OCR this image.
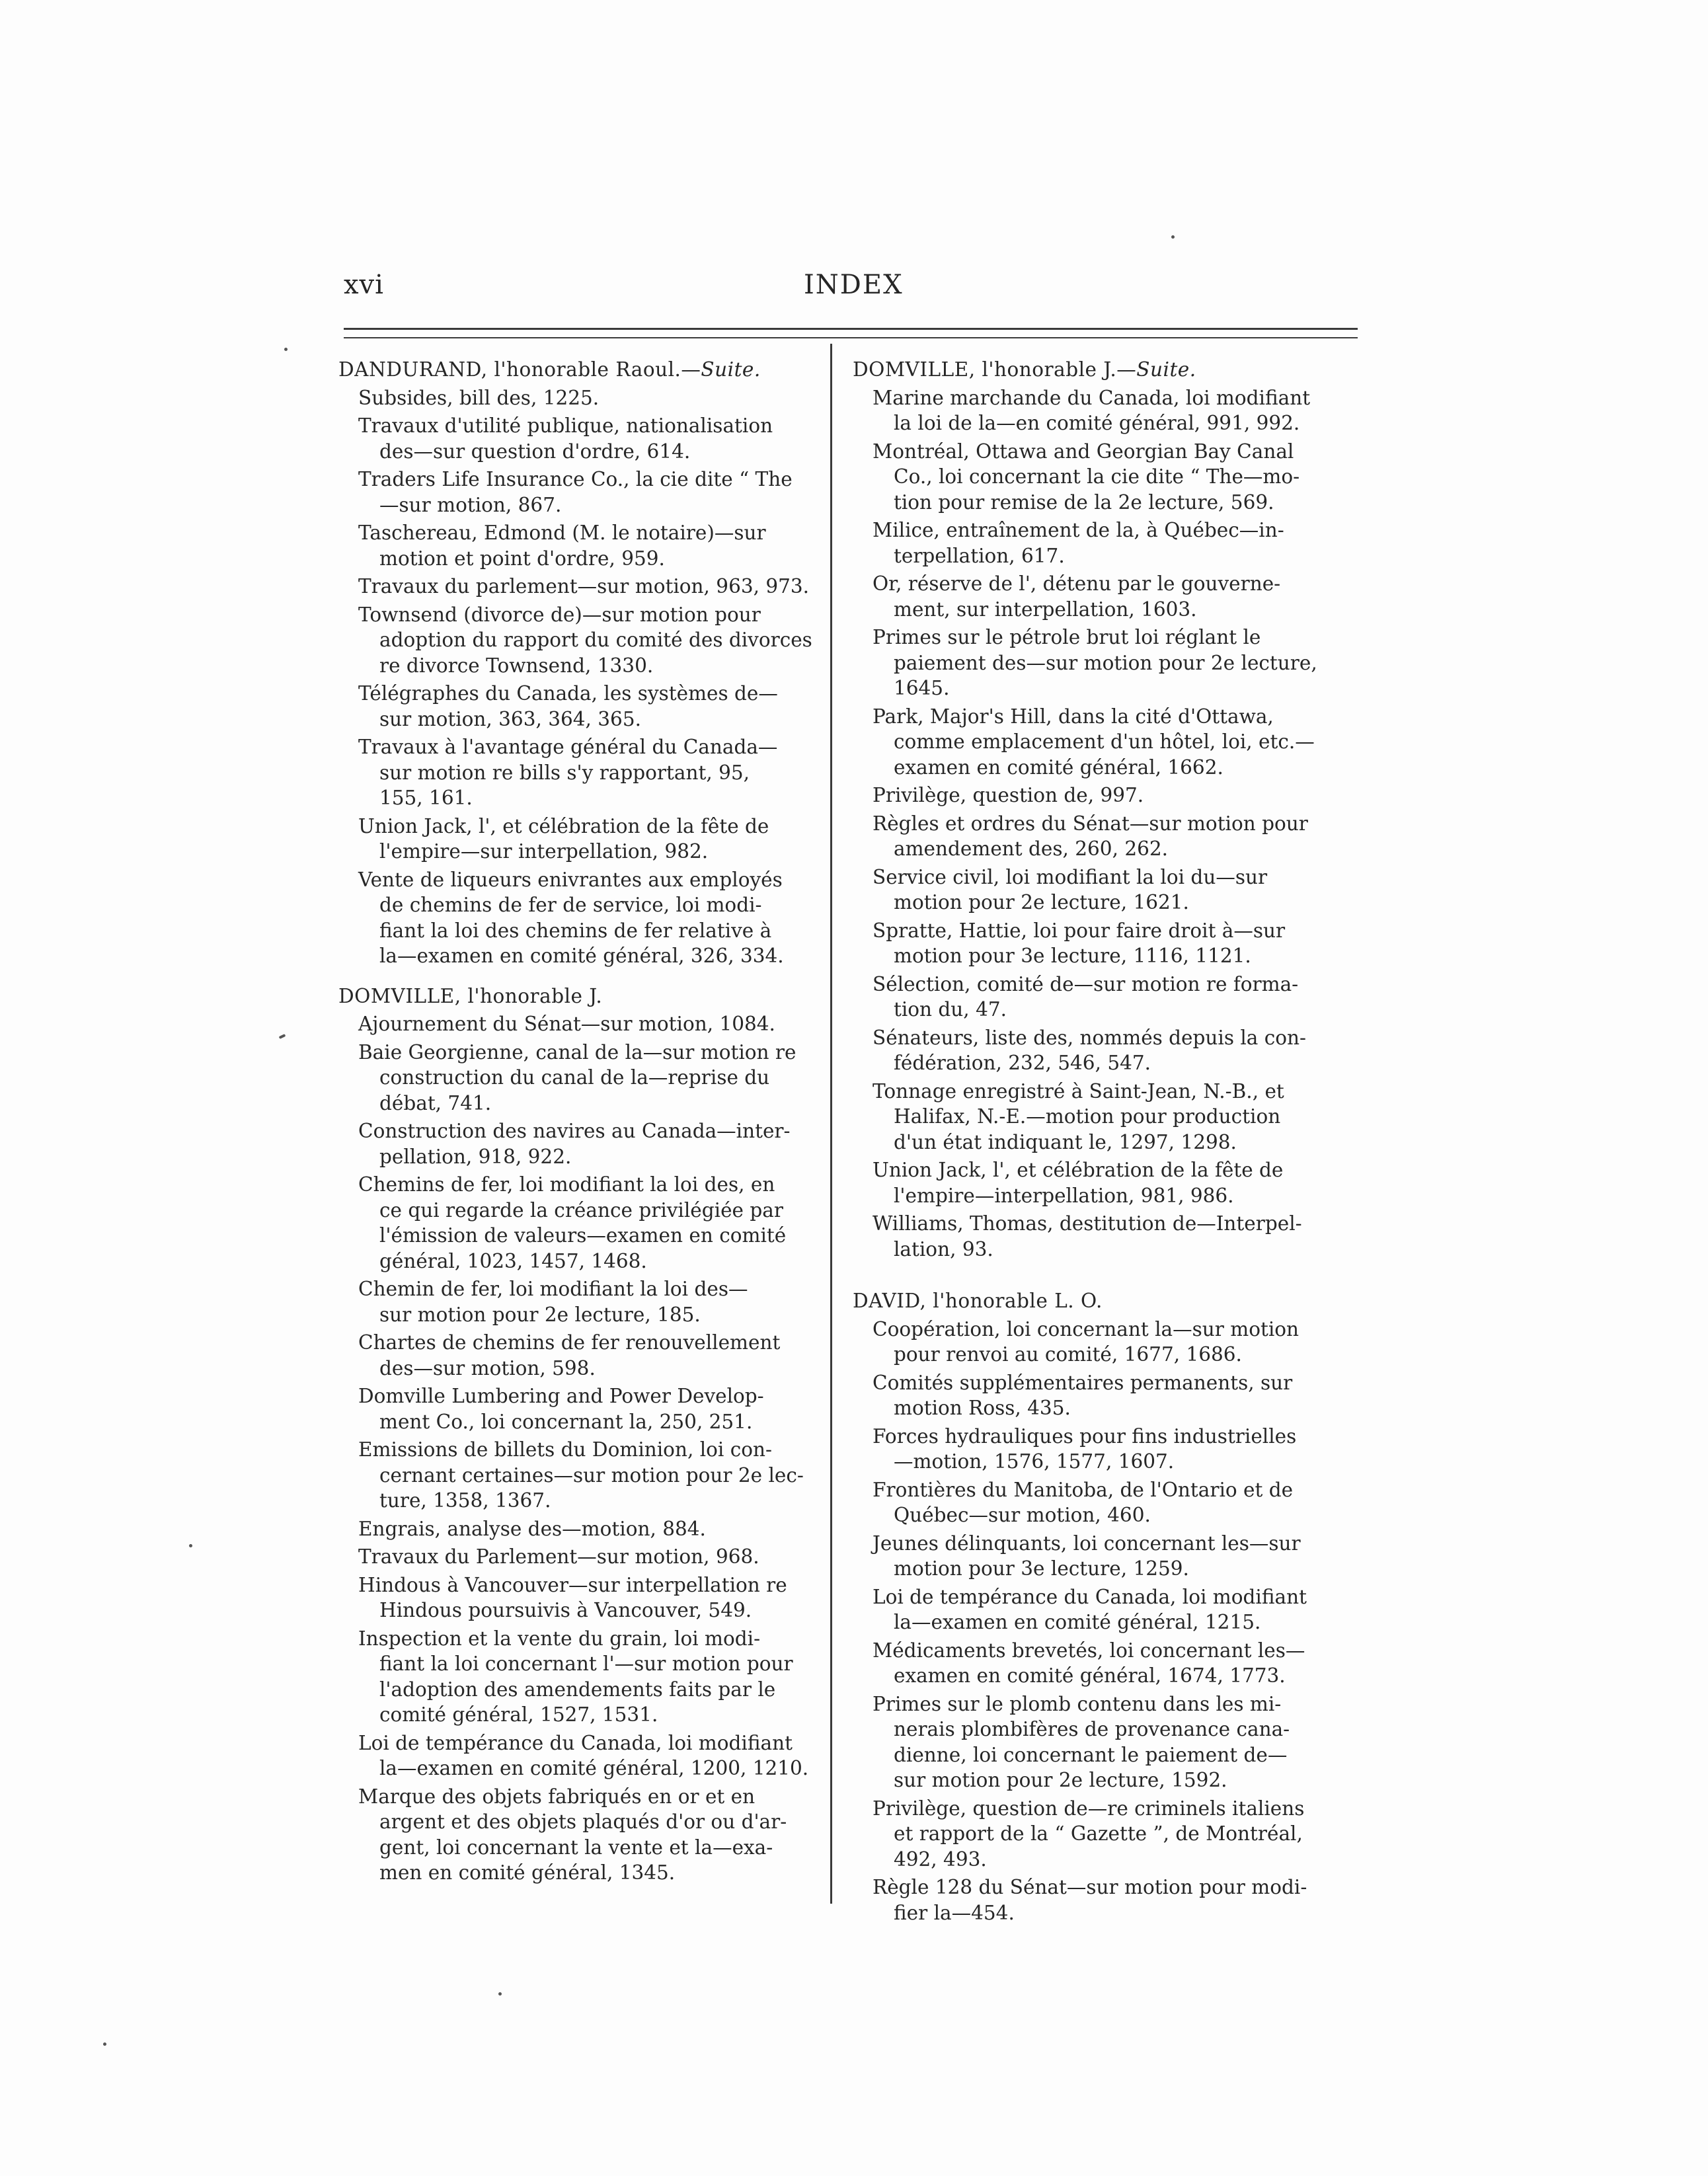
xvi	INDEX
DANDURAND, l'honorable Raoul.—Suite.
Subsides, bill des, 1225.
Travaux d'utilité publique, nationalisation
des—sur question d'ordre, 614.
Traders Life Insurance Co., la cie dite “ The
—sur motion, 867.
Taschereau, Edmond (M. le notaire)—sur
motion et point d'ordre, 959.
Travaux du parlement—sur motion, 963, 973.
Townsend (divorce de)—sur motion pour
adoption du rapport du comité des divorces
re divorce Townsend, 1330.
Télégraphes du Canada, les systèmes de—
sur motion, 363, 364, 365.
Travaux à l'avantage général du Canada—
sur motion re bills s'y rapportant, 95,
155, 161.
Union Jack, l', et célébration de la fête de
l'empire—sur interpellation, 982.
Vente de liqueurs enivrantes aux employés
de chemins de fer de service, loi modi-
fiant la loi des chemins de fer relative à
la—examen en comité général, 326, 334.
DOMVILLE, l'honorable J.
Ajournement du Sénat—sur motion, 1084.
Baie Georgienne, canal de la—sur motion re
construction du canal de la—reprise du
débat, 741.
Construction des navires au Canada—inter-
pellation, 918, 922.
Chemins de fer, loi modifiant la loi des, en
ce qui regarde la créance privilégiée par
l'émission de valeurs—examen en comité
général, 1023, 1457, 1468.
Chemin de fer, loi modifiant la loi des—
sur motion pour 2e lecture, 185.
Chartes de chemins de fer renouvellement
des—sur motion, 598.
Domville Lumbering and Power Develop-
ment Co., loi concernant la, 250, 251.
Emissions de billets du Dominion, loi con-
cernant certaines—sur motion pour 2e lec-
ture, 1358, 1367.
Engrais, analyse des—motion, 884.
Travaux du Parlement—sur motion, 968.
Hindous à Vancouver—sur interpellation re
Hindous poursuivis à Vancouver, 549.
Inspection et la vente du grain, loi modi-
fiant la loi concernant l'—sur motion pour
l'adoption des amendements faits par le
comité général, 1527, 1531.
Loi de tempérance du Canada, loi modifiant
la—examen en comité général, 1200, 1210.
Marque des objets fabriqués en or et en
argent et des objets plaqués d'or ou d'ar-
gent, loi concernant la vente et la—exa-
men en comité général, 1345.
DOMVILLE, l'honorable J.—Suite.
Marine marchande du Canada, loi modifiant
la loi de la—en comité général, 991, 992.
Montréal, Ottawa and Georgian Bay Canal
Co., loi concernant la cie dite “ The—mo-
tion pour remise de la 2e lecture, 569.
Milice, entraînement de la, à Québec—in-
terpellation, 617.
Or, réserve de l', détenu par le gouverne-
ment, sur interpellation, 1603.
Primes sur le pétrole brut loi réglant le
paiement des—sur motion pour 2e lecture,
1645.
Park, Major's Hill, dans la cité d'Ottawa,
comme emplacement d'un hôtel, loi, etc.—
examen en comité général, 1662.
Privilège, question de, 997.
Règles et ordres du Sénat—sur motion pour
amendement des, 260, 262.
Service civil, loi modifiant la loi du—sur
motion pour 2e lecture, 1621.
Spratte, Hattie, loi pour faire droit à—sur
motion pour 3e lecture, 1116, 1121.
Sélection, comité de—sur motion re forma-
tion du, 47.
Sénateurs, liste des, nommés depuis la con-
fédération, 232, 546, 547.
Tonnage enregistré à Saint-Jean, N.-B., et
Halifax, N.-E.—motion pour production
d'un état indiquant le, 1297, 1298.
Union Jack, l', et célébration de la fête de
l'empire—interpellation, 981, 986.
Williams, Thomas, destitution de—Interpel-
lation, 93.
DAVID, l'honorable L. O.
Coopération, loi concernant la—sur motion
pour renvoi au comité, 1677, 1686.
Comités supplémentaires permanents, sur
motion Ross, 435.
Forces hydrauliques pour fins industrielles
—motion, 1576, 1577, 1607.
Frontières du Manitoba, de l'Ontario et de
Québec—sur motion, 460.
Jeunes délinquants, loi concernant les—sur
motion pour 3e lecture, 1259.
Loi de tempérance du Canada, loi modifiant
la—examen en comité général, 1215.
Médicaments brevetés, loi concernant les—
examen en comité général, 1674, 1773.
Primes sur le plomb contenu dans les mi-
nerais plombifères de provenance cana-
dienne, loi concernant le paiement de—
sur motion pour 2e lecture, 1592.
Privilège, question de—re criminels italiens
et rapport de la “ Gazette ”, de Montréal,
492, 493.
Règle 128 du Sénat—sur motion pour modi-
fier la—454.
